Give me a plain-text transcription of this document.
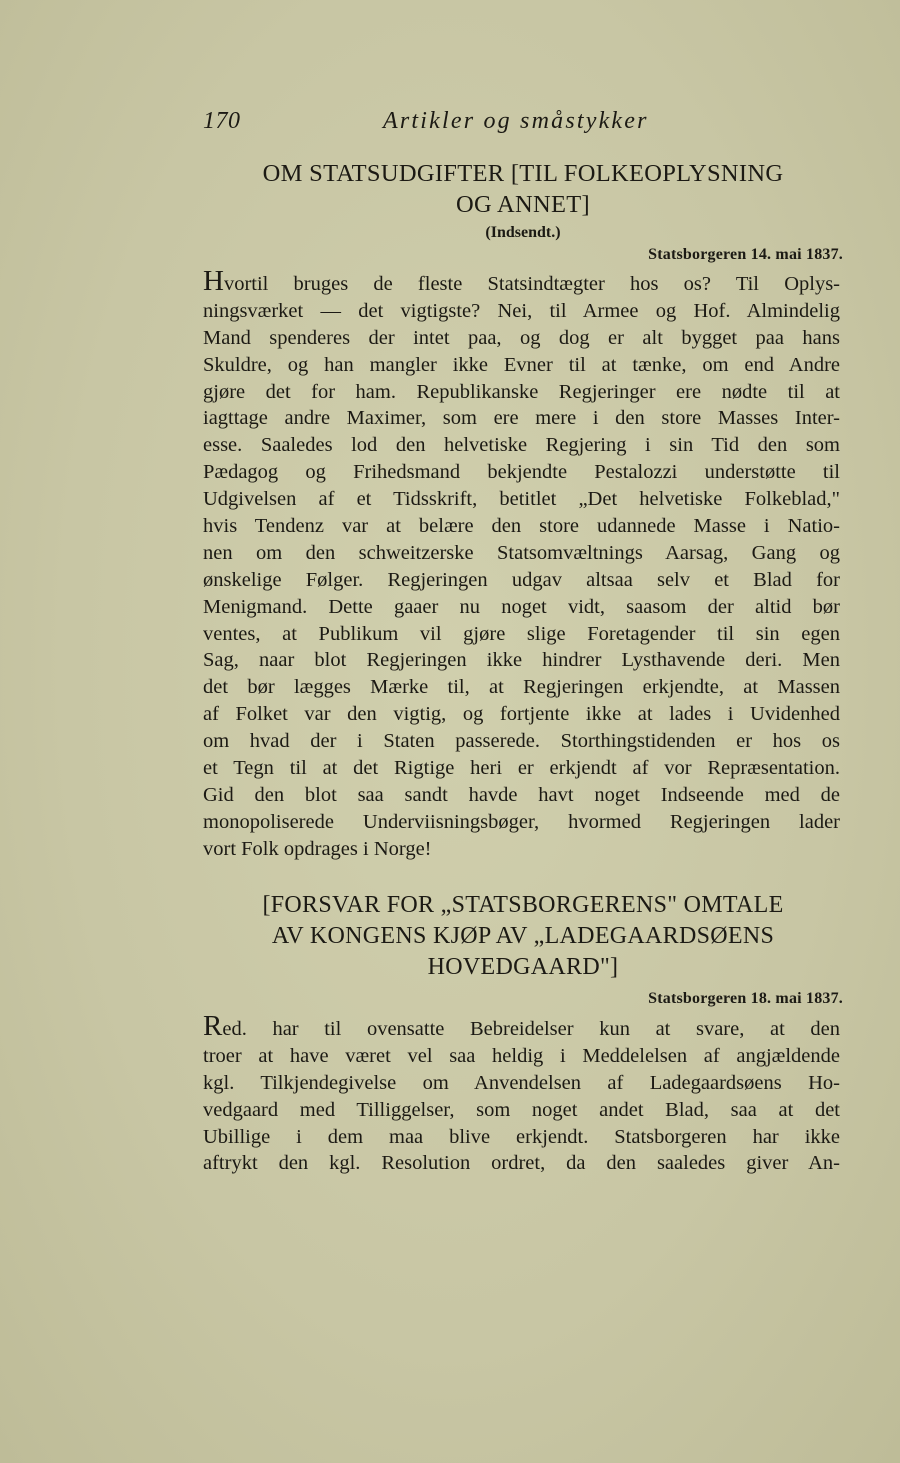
170	Artikler og småstykker
OM STATSUDGIFTER [TIL FOLKEOPLYSNING
OG ANNET]
(Indsendt.)
Statsborgeren 14. mai 1837.
Hvortil bruges de fleste Statsindtægter hos os? Til Oplys-
ningsværket — det vigtigste? Nei, til Armee og Hof. Almindelig
Mand spenderes der intet paa, og dog er alt bygget paa hans
Skuldre, og han mangler ikke Evner til at tænke, om end Andre
gjøre det for ham. Republikanske Regjeringer ere nødte til at
iagttage andre Maximer, som ere mere i den store Masses Inter-
esse. Saaledes lod den helvetiske Regjering i sin Tid den som
Pædagog og Frihedsmand bekjendte Pestalozzi understøtte til
Udgivelsen af et Tidsskrift, betitlet „Det helvetiske Folkeblad,"
hvis Tendenz var at belære den store udannede Masse i Natio-
nen om den schweitzerske Statsomvæltnings Aarsag, Gang og
ønskelige Følger. Regjeringen udgav altsaa selv et Blad for
Menigmand. Dette gaaer nu noget vidt, saasom der altid bør
ventes, at Publikum vil gjøre slige Foretagender til sin egen
Sag, naar blot Regjeringen ikke hindrer Lysthavende deri. Men
det bør lægges Mærke til, at Regjeringen erkjendte, at Massen
af Folket var den vigtig, og fortjente ikke at lades i Uvidenhed
om hvad der i Staten passerede. Storthingstidenden er hos os
et Tegn til at det Rigtige heri er erkjendt af vor Repræsentation.
Gid den blot saa sandt havde havt noget Indseende med de
monopoliserede Underviisningsbøger, hvormed Regjeringen lader
vort Folk opdrages i Norge!
[FORSVAR FOR „STATSBORGERENS" OMTALE
AV KONGENS KJØP AV „LADEGAARDSØENS
HOVEDGAARD"]
Statsborgeren 18. mai 1837.
Red. har til ovensatte Bebreidelser kun at svare, at den
troer at have været vel saa heldig i Meddelelsen af angjældende
kgl. Tilkjendegivelse om Anvendelsen af Ladegaardsøens Ho-
vedgaard med Tilliggelser, som noget andet Blad, saa at det
Ubillige i dem maa blive erkjendt. Statsborgeren har ikke
aftrykt den kgl. Resolution ordret, da den saaledes giver An-
